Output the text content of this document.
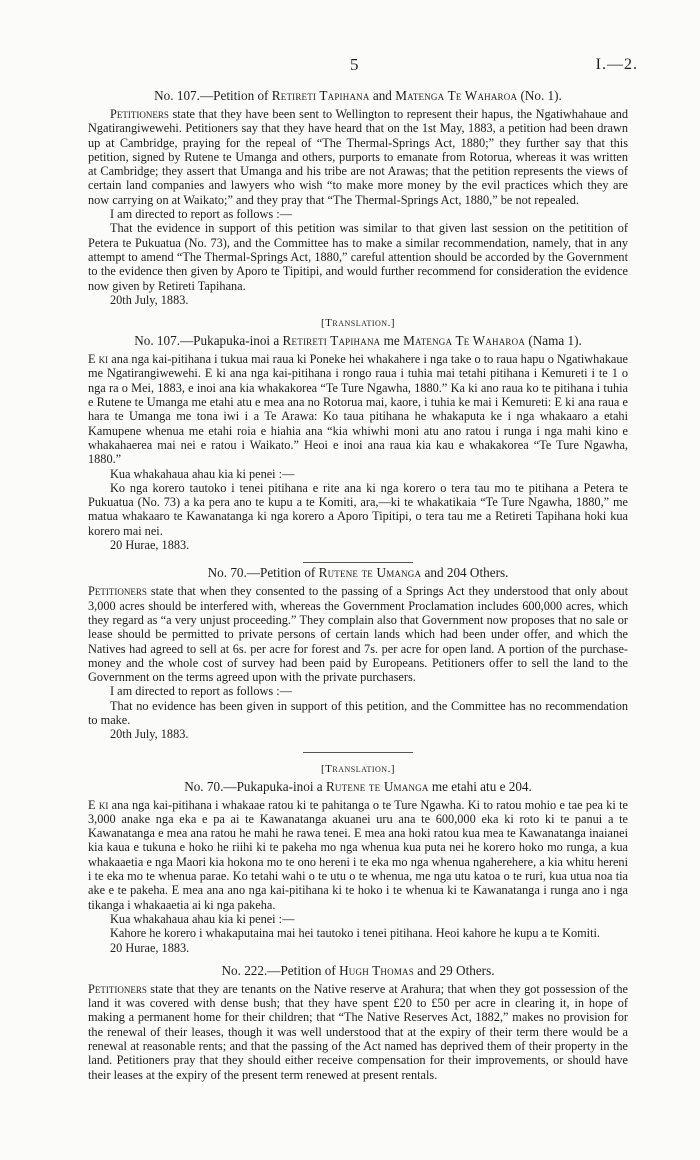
5	I.—2.
No. 107.—Petition of Retireti Tapihana and Matenga Te Waharoa (No. 1).

Petitioners state that they have been sent to Wellington to represent their hapus, the Ngatiwhahaue and Ngatirangiwewehi. Petitioners say that they have heard that on the 1st May, 1883, a petition had been drawn up at Cambridge, praying for the repeal of “The Thermal-Springs Act, 1880;” they further say that this petition, signed by Rutene te Umanga and others, purports to emanate from Rotorua, whereas it was written at Cambridge; they assert that Umanga and his tribe are not Arawas; that the petition represents the views of certain land companies and lawyers who wish “to make more money by the evil practices which they are now carrying on at Waikato;” and they pray that “The Thermal-Springs Act, 1880,” be not repealed.

I am directed to report as follows :—

That the evidence in support of this petition was similar to that given last session on the petitition of Petera te Pukuatua (No. 73), and the Committee has to make a similar recommendation, namely, that in any attempt to amend “The Thermal-Springs Act, 1880,” careful attention should be accorded by the Government to the evidence then given by Aporo te Tipitipi, and would further recommend for consideration the evidence now given by Retireti Tapihana.

20th July, 1883.

[Translation.]
No. 107.—Pukapuka-inoi a Retireti Tapihana me Matenga Te Waharoa (Nama 1).

E ki ana nga kai-pitihana i tukua mai raua ki Poneke hei whakahere i nga take o to raua hapu o Ngatiwhakaue me Ngatirangiwewehi. E ki ana nga kai-pitihana i rongo raua i tuhia mai tetahi pitihana i Kemureti i te 1 o nga ra o Mei, 1883, e inoi ana kia whakakorea “Te Ture Ngawha, 1880.” Ka ki ano raua ko te pitihana i tuhia e Rutene te Umanga me etahi atu e mea ana no Rotorua mai, kaore, i tuhia ke mai i Kemureti: E ki ana raua e hara te Umanga me tona iwi i a Te Arawa: Ko taua pitihana he whakaputa ke i nga whakaaro a etahi Kamupene whenua me etahi roia e hiahia ana “kia whiwhi moni atu ano ratou i runga i nga mahi kino e whakahaerea mai nei e ratou i Waikato.” Heoi e inoi ana raua kia kau e whakakorea “Te Ture Ngawha, 1880.”

Kua whakahaua ahau kia ki penei :—

Ko nga korero tautoko i tenei pitihana e rite ana ki nga korero o tera tau mo te pitihana a Petera te Pukuatua (No. 73) a ka pera ano te kupu a te Komiti, ara,—ki te whakatikaia “Te Ture Ngawha, 1880,” me matua whakaaro te Kawanatanga ki nga korero a Aporo Tipitipi, o tera tau me a Retireti Tapihana hoki kua korero mai nei.

20 Hurae, 1883.

No. 70.—Petition of Rutene te Umanga and 204 Others.

Petitioners state that when they consented to the passing of a Springs Act they understood that only about 3,000 acres should be interfered with, whereas the Government Proclamation includes 600,000 acres, which they regard as “a very unjust proceeding.” They complain also that Government now proposes that no sale or lease should be permitted to private persons of certain lands which had been under offer, and which the Natives had agreed to sell at 6s. per acre for forest and 7s. per acre for open land. A portion of the purchase-money and the whole cost of survey had been paid by Europeans. Petitioners offer to sell the land to the Government on the terms agreed upon with the private purchasers.

I am directed to report as follows :—

That no evidence has been given in support of this petition, and the Committee has no recommendation to make.

20th July, 1883.

[Translation.]
No. 70.—Pukapuka-inoi a Rutene te Umanga me etahi atu e 204.

E ki ana nga kai-pitihana i whakaae ratou ki te pahitanga o te Ture Ngawha. Ki to ratou mohio e tae pea ki te 3,000 anake nga eka e pa ai te Kawanatanga akuanei uru ana te 600,000 eka ki roto ki te panui a te Kawanatanga e mea ana ratou he mahi he rawa tenei. E mea ana hoki ratou kua mea te Kawanatanga inaianei kia kaua e tukuna e hoko he riihi ki te pakeha mo nga whenua kua puta nei he korero hoko mo runga, a kua whakaaetia e nga Maori kia hokona mo te ono hereni i te eka mo nga whenua ngaherehere, a kia whitu hereni i te eka mo te whenua parae. Ko tetahi wahi o te utu o te whenua, me nga utu katoa o te ruri, kua utua noa tia ake e te pakeha. E mea ana ano nga kai-pitihana ki te hoko i te whenua ki te Kawanatanga i runga ano i nga tikanga i whakaaetia ai ki nga pakeha.

Kua whakahaua ahau kia ki penei :—

Kahore he korero i whakaputaina mai hei tautoko i tenei pitihana. Heoi kahore he kupu a te Komiti.

20 Hurae, 1883.

No. 222.—Petition of Hugh Thomas and 29 Others.

Petitioners state that they are tenants on the Native reserve at Arahura; that when they got possession of the land it was covered with dense bush; that they have spent £20 to £50 per acre in clearing it, in hope of making a permanent home for their children; that “The Native Reserves Act, 1882,” makes no provision for the renewal of their leases, though it was well understood that at the expiry of their term there would be a renewal at reasonable rents; and that the passing of the Act named has deprived them of their property in the land. Petitioners pray that they should either receive compensation for their improvements, or should have their leases at the expiry of the present term renewed at present rentals.
